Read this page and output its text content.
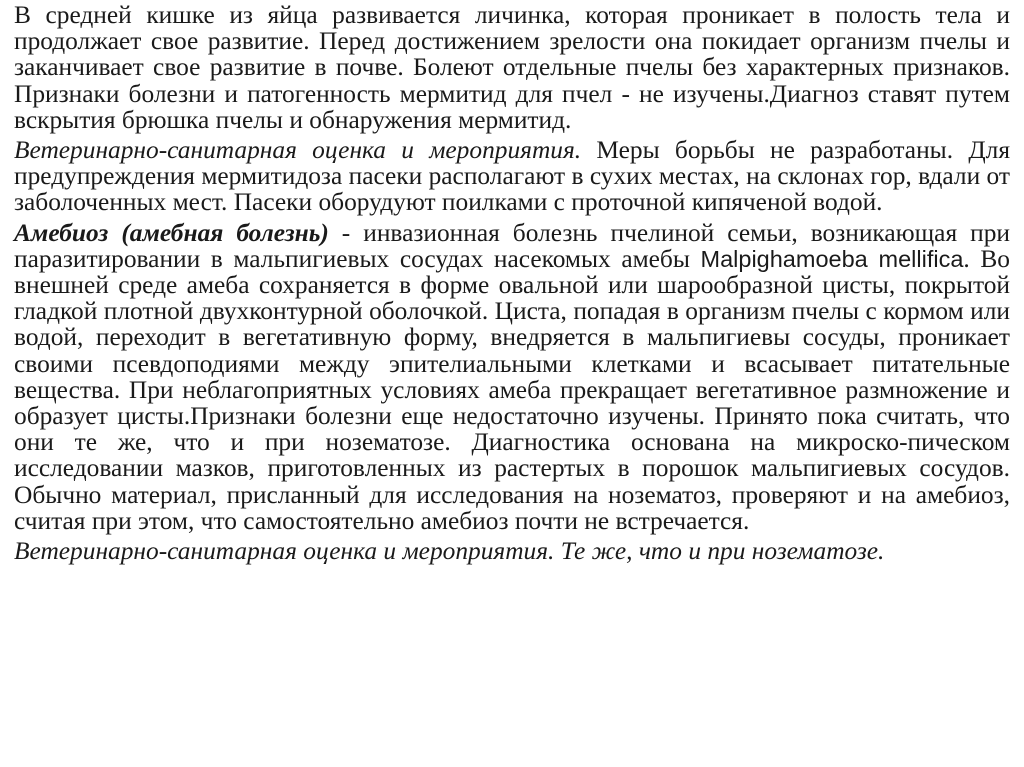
В средней кишке из яйца развивается личинка, которая проникает в полость тела и продолжает свое развитие. Перед достижением зрелости она покидает организм пчелы и заканчивает свое развитие в почве. Болеют отдельные пчелы без характерных признаков. Признаки болезни и патогенность мермитид для пчел - не изучены.Диагноз ставят путем вскрытия брюшка пчелы и обнаружения мермитид.

Ветеринарно-санитарная оценка и мероприятия. Меры борьбы не разработаны. Для предупреждения мермитидоза пасеки располагают в сухих местах, на склонах гор, вдали от заболоченных мест. Пасеки оборудуют поилками с проточной кипяченой водой.

Амебиоз (амебная болезнь) - инвазионная болезнь пчелиной семьи, возникающая при паразитировании в мальпигиевых сосудах насекомых амебы Malpighamoeba mellifica. Во внешней среде амеба сохраняется в форме овальной или шарообразной цисты, покрытой гладкой плотной двухконтурной оболочкой. Циста, попадая в организм пчелы с кормом или водой, переходит в вегетативную форму, внедряется в мальпигиевы сосуды, проникает своими псевдоподиями между эпителиальными клетками и всасывает питательные вещества. При неблагоприятных условиях амеба прекращает вегетативное размножение и образует цисты.Признаки болезни еще недостаточно изучены. Принято пока считать, что они те же, что и при нозематозе. Диагностика основана на микроско-пическом исследовании мазков, приготовленных из растертых в порошок мальпигиевых сосудов. Обычно материал, присланный для исследования на нозематоз, проверяют и на амебиоз, считая при этом, что самостоятельно амебиоз почти не встречается.

Ветеринарно-санитарная оценка и мероприятия. Те же, что и при нозематозе.
